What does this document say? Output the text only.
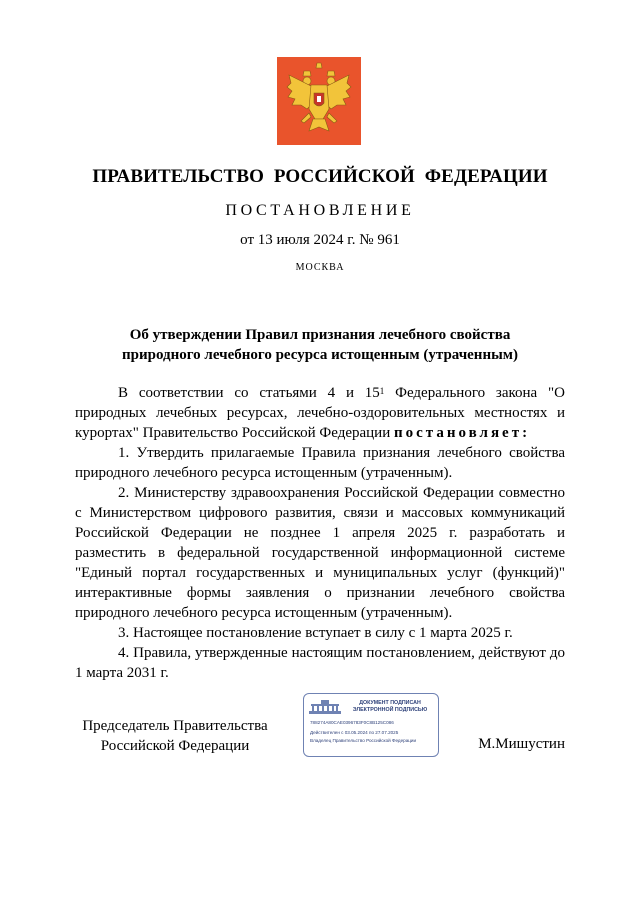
ПРАВИТЕЛЬСТВО РОССИЙСКОЙ ФЕДЕРАЦИИ
ПОСТАНОВЛЕНИЕ
от 13 июля 2024 г. № 961
МОСКВА
Об утверждении Правил признания лечебного свойства
природного лечебного ресурса истощенным (утраченным)

В соответствии со статьями 4 и $15^1$ Федерального закона "О природных лечебных ресурсах, лечебно-оздоровительных местностях и курортах" Правительство Российской Федерации постановляет:

1. Утвердить прилагаемые Правила признания лечебного свойства природного лечебного ресурса истощенным (утраченным).

2. Министерству здравоохранения Российской Федерации совместно с Министерством цифрового развития, связи и массовых коммуникаций Российской Федерации не позднее 1 апреля 2025 г. разработать и разместить в федеральной государственной информационной системе "Единый портал государственных и муниципальных услуг (функций)" интерактивные формы заявления о признании лечебного свойства природного лечебного ресурса истощенным (утраченным).

3. Настоящее постановление вступает в силу с 1 марта 2025 г.

4. Правила, утвержденные настоящим постановлением, действуют до 1 марта 2031 г.

Председатель Правительства
Российской Федерации
ДОКУМЕНТ ПОДПИСАН
ЭЛЕКТРОННОЙ ПОДПИСЬЮ
788274A80CAE0396783F0C8B125C086
Действителен с 03.05.2024 по 27.07.2025
Владелец Правительство Российской Федерации	М.Мишустин
